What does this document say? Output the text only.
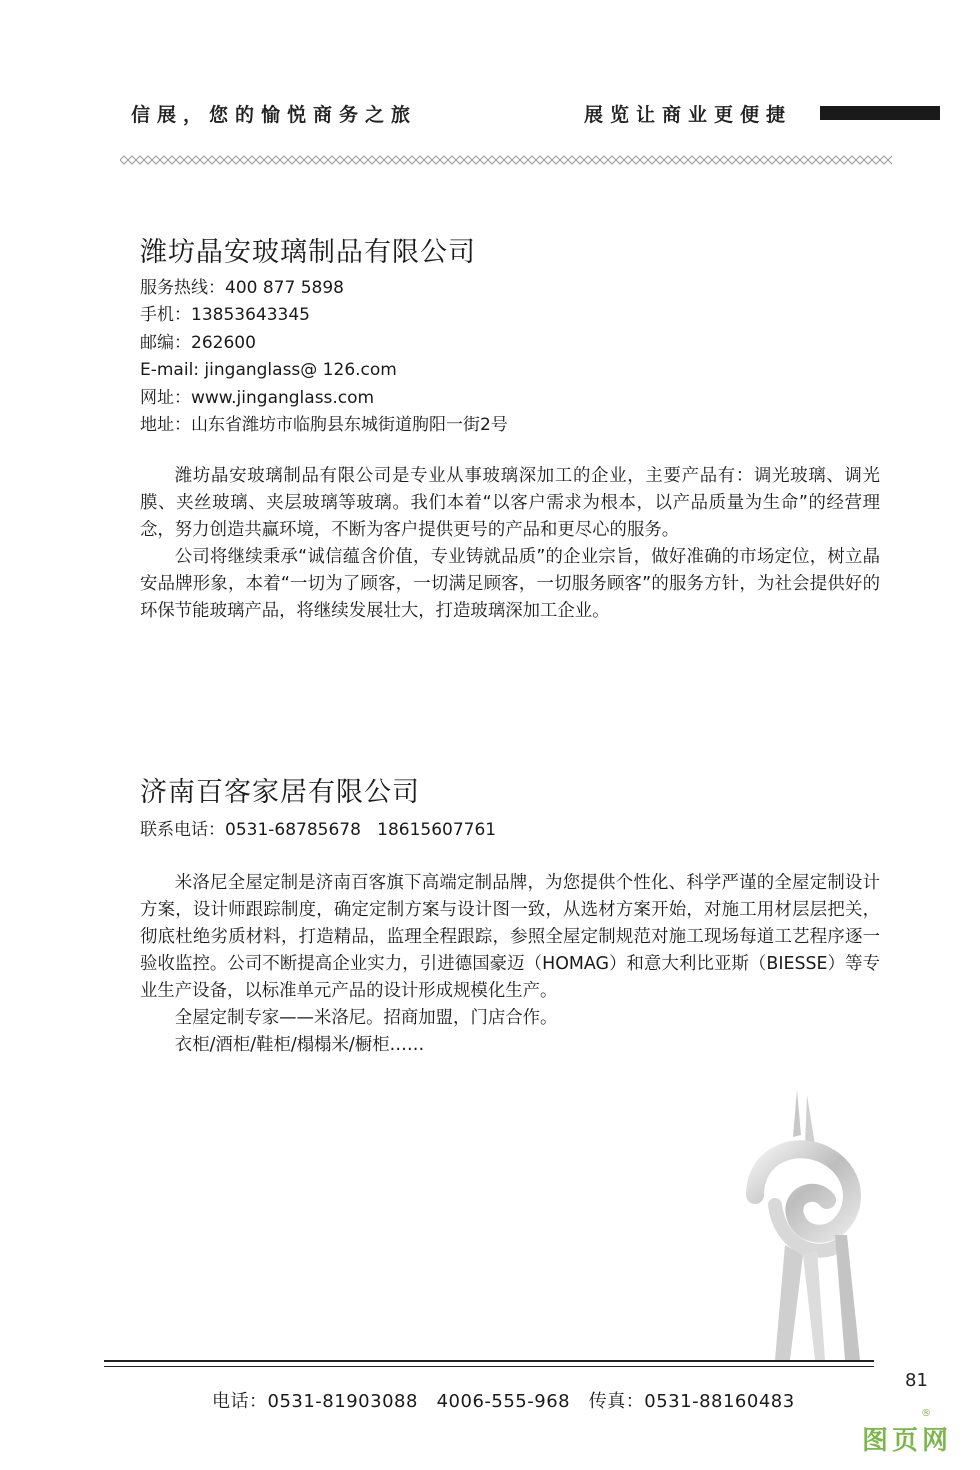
信展，您的愉悦商务之旅	展览让商业更便捷
潍坊晶安玻璃制品有限公司
服务热线：400 877 5898
手机：13853643345
邮编：262600
E-mail: jinganglass@ 126.com
网址：www.jinganglass.com
地址：山东省潍坊市临朐县东城街道朐阳一街2号

潍坊晶安玻璃制品有限公司是专业从事玻璃深加工的企业，主要产品有：调光玻璃、调光膜、夹丝玻璃、夹层玻璃等玻璃。我们本着“以客户需求为根本，以产品质量为生命”的经营理念，努力创造共赢环境，不断为客户提供更号的产品和更尽心的服务。

公司将继续秉承“诚信蕴含价值，专业铸就品质”的企业宗旨，做好准确的市场定位，树立晶安品牌形象，本着“一切为了顾客，一切满足顾客，一切服务顾客”的服务方针，为社会提供好的环保节能玻璃产品，将继续发展壮大，打造玻璃深加工企业。

济南百客家居有限公司
联系电话：0531-68785678   18615607761

米洛尼全屋定制是济南百客旗下高端定制品牌，为您提供个性化、科学严谨的全屋定制设计方案，设计师跟踪制度，确定定制方案与设计图一致，从选材方案开始，对施工用材层层把关，彻底杜绝劣质材料，打造精品，监理全程跟踪，参照全屋定制规范对施工现场每道工艺程序逐一验收监控。公司不断提高企业实力，引进德国豪迈（HOMAG）和意大利比亚斯（BIESSE）等专业生产设备，以标准单元产品的设计形成规模化生产。

全屋定制专家——米洛尼。招商加盟，门店合作。

衣柜/酒柜/鞋柜/榻榻米/橱柜……

81
电话：0531-81903088   4006-555-968   传真：0531-88160483
图页网
®
